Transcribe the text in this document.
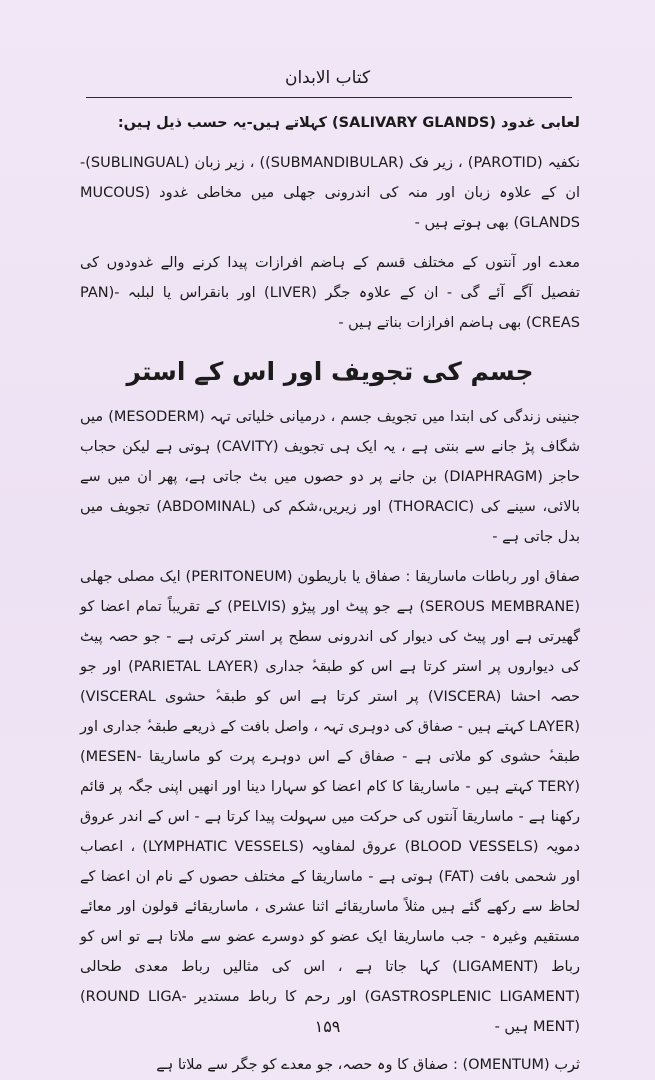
کتاب الابدان

لعابی غدود (SALIVARY GLANDS) کہلاتے ہیں-یہ حسب ذیل ہیں:

نکفیہ (PAROTID) ، زیر فک (SUBMANDIBULAR)) ، زیر زبان (SUBLINGUAL)- ان کے علاوہ زبان اور منہ کی اندرونی جھلی میں مخاطی غدود (MUCOUS GLANDS) بھی ہوتے ہیں -

معدے اور آنتوں کے مختلف قسم کے ہاضم افرازات پیدا کرنے والے غدودوں کی تفصیل آگے آئے گی - ان کے علاوہ جگر (LIVER) اور بانقراس یا لبلبہ -PAN) CREAS) بھی ہاضم افرازات بناتے ہیں -

جسم کی تجویف اور اس کے استر

جنینی زندگی کی ابتدا میں تجویف جسم ، درمیانی خلیاتی تہہ (MESODERM) میں شگاف پڑ جانے سے بنتی ہے ، یہ ایک ہی تجویف (CAVITY) ہوتی ہے لیکن حجاب حاجز (DIAPHRAGM) بن جانے پر دو حصوں میں بٹ جاتی ہے، پھر ان میں سے بالائی، سینے کی (THORACIC) اور زیریں،شکم کی (ABDOMINAL) تجویف میں بدل جاتی ہے -

صفاق اور رباطات ماساریقا : صفاق یا باریطون (PERITONEUM) ایک مصلی جھلی (SEROUS MEMBRANE) ہے جو پیٹ اور پیڑو (PELVIS) کے تقریباً تمام اعضا کو گھیرتی ہے اور پیٹ کی دیوار کی اندرونی سطح پر استر کرتی ہے - جو حصہ پیٹ کی دیواروں پر استر کرتا ہے اس کو طبقہ‌ٔ جداری (PARIETAL LAYER) اور جو حصہ احشا (VISCERA) پر استر کرتا ہے اس کو طبقہ‌ٔ حشوی VISCERAL) (LAYER کہتے ہیں - صفاق کی دوہری تہہ ، واصل بافت کے ذریعے طبقہ‌ٔ جداری اور طبقہ‌ٔ حشوی کو ملاتی ہے - صفاق کے اس دوہرے پرت کو ماساریقا -MESEN) (TERY کہتے ہیں - ماساریقا کا کام اعضا کو سہارا دینا اور انھیں اپنی جگہ پر قائم رکھنا ہے - ماساریقا آنتوں کی حرکت میں سہولت پیدا کرتا ہے - اس کے اندر عروق دمویہ (BLOOD VESSELS) عروق لمفاویہ (LYMPHATIC VESSELS) ، اعصاب اور شحمی بافت (FAT) ہوتی ہے - ماساریقا کے مختلف حصوں کے نام ان اعضا کے لحاظ سے رکھے گئے ہیں مثلاً ماساریقائے اثنا عشری ، ماساریقائے قولون اور معائے مستقیم وغیرہ - جب ماساریقا ایک عضو کو دوسرے عضو سے ملاتا ہے تو اس کو رباط (LIGAMENT) کہا جاتا ہے ، اس کی مثالیں رباط معدی طحالی (GASTROSPLENIC LIGAMENT) اور رحم کا رباط مستدیر -ROUND LIGA) (MENT ہیں -

ثرب (OMENTUM) : صفاق کا وہ حصہ، جو معدے کو جگر سے ملاتا ہے

١۵٩
